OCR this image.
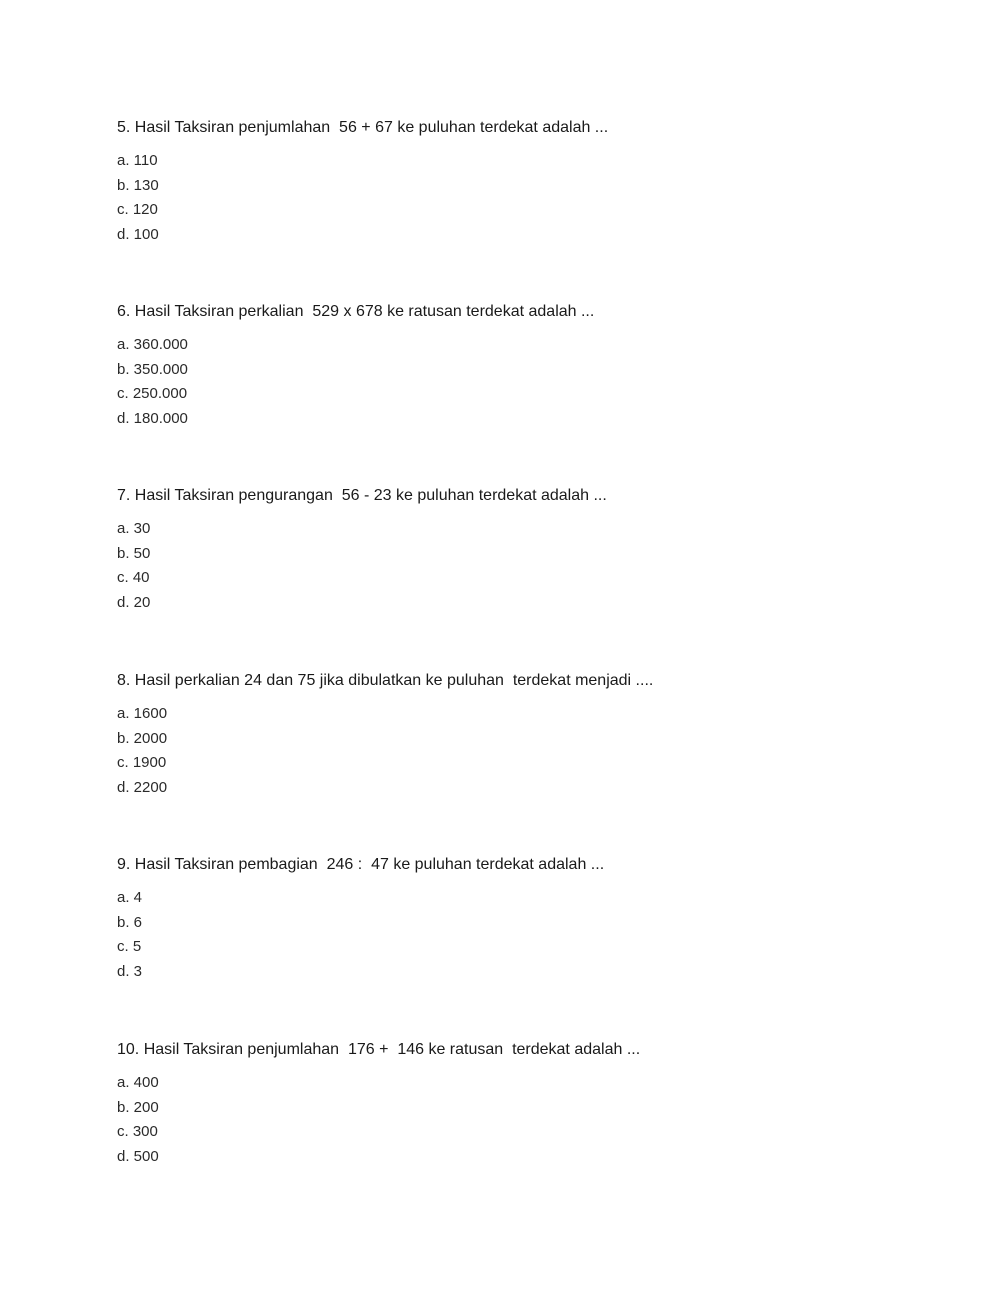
5. Hasil Taksiran penjumlahan  56 + 67 ke puluhan terdekat adalah ...

a. 110
b. 130
c. 120
d. 100

6. Hasil Taksiran perkalian  529 x 678 ke ratusan terdekat adalah ...

a. 360.000
b. 350.000
c. 250.000
d. 180.000

7. Hasil Taksiran pengurangan  56 - 23 ke puluhan terdekat adalah ...

a. 30
b. 50
c. 40
d. 20

8. Hasil perkalian 24 dan 75 jika dibulatkan ke puluhan  terdekat menjadi ....

a. 1600
b. 2000
c. 1900
d. 2200

9. Hasil Taksiran pembagian  246 :  47 ke puluhan terdekat adalah ...

a. 4
b. 6
c. 5
d. 3

10. Hasil Taksiran penjumlahan  176 +  146 ke ratusan  terdekat adalah ...

a. 400
b. 200
c. 300
d. 500
